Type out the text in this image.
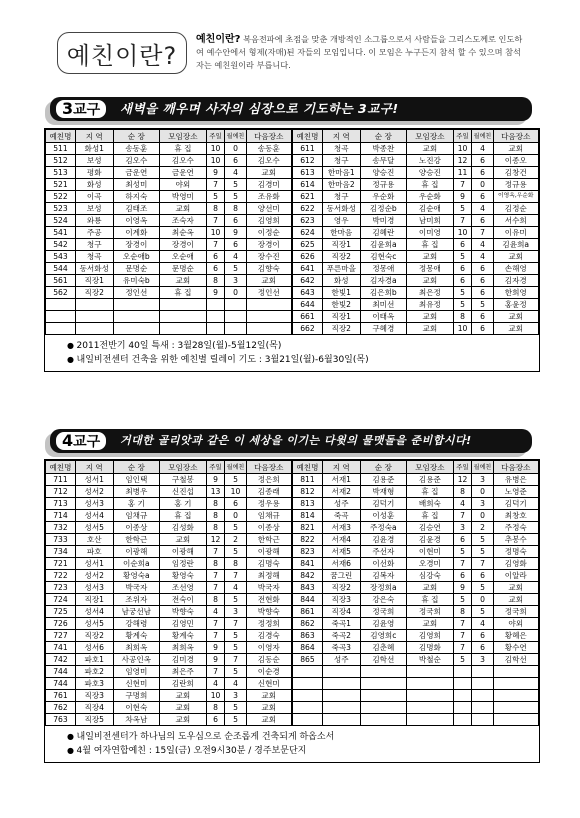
예친이란?
예친이란? 복음전파에 초점을 맞춘 개방적인 소그룹으로서 사람들을 그리스도께로 인도하여 예수안에서 형제(자매)된 자들의 모임입니다. 이 모임은 누구든지 참석 할 수 있으며 참석자는 예친원이라 부릅니다.
3교구	새벽을 깨우며 사자의 심장으로 기도하는 3교구!
예친명	지 역	순 장	모임장소	주일	월예친	다음장소
511	화성1	송동훈	휴 집	10	0	송동훈
512	보성	김오수	김오수	10	6	김오수
513	평화	금운연	금운연	9	4	교회
521	화성	최성미	야외	7	5	김경미
522	이곡	하지숙	박영미	5	5	조유화
523	보성	김태조	교회	8	8	양선미
524	와룡	이영옥	조숙자	7	6	김영희
541	주공	이계화	최순옥	10	9	이정순
542	청구	장경이	장경이	7	6	장경이
543	청곡	오순애b	오순애	6	4	장수진
544	동서화성	문명순	문명순	6	5	김향숙
561	직장1	유미숙b	교회	8	3	교회
562	직장2	정인선	휴 집	9	0	정인선

예친명	지 역	순 장	모임장소	주일	월예친	다음장소
611	청곡	박종찬	교회	10	4	교회
612	청구	송무달	노진강	12	6	이종오
613	한마음1	양승진	양승진	11	6	김창건
614	한마음2	정규용	휴 집	7	0	정규용
621	청구	우순화	우순화	9	6	이영옥,우순화
622	동서화성	김정순b	김순애	5	4	김정순
623	영우	박미경	남미희	7	6	서수희
624	한마음	김혜란	이미영	10	7	이유미
625	직장1	김윤희a	휴 집	6	4	김윤희a
626	직장2	김현숙c	교회	5	4	교회
641	푸른마을	정몽애	정몽애	6	6	손해영
642	화성	김자경a	교회	6	6	김자경
643	한빛1	김은희b	최은정	5	6	한희영
644	한빛2	최미선	최유정	5	5	홍윤정
661	직장1	이태옥	교회	8	6	교회
662	직장2	구혜경	교회	10	6	교회
● 2011전반기 40일 특새 : 3월28일(월)-5월12일(목)
● 내일비전센터 건축을 위한 예친별 릴레이 기도 : 3월21일(월)-6월30일(목)
4교구	거대한 골리앗과 같은 이 세상을 이기는 다윗의 물맷돌을 준비합시다!
예친명	지 역	순 장	모임장소	주일	월예친	다음장소
711	성서1	임인택	구철봉	9	5	정은희
712	성서2	최병우	신진섭	13	10	김종래
713	성서3	홍 기	홍 기	8	6	정우용
714	성서4	임채규	휴 집	8	0	임채규
732	성서5	이종상	김성화	8	5	이종상
733	호산	한학근	교회	12	2	한학근
734	파호	이광해	이광해	7	5	이광해
721	성서1	이순희a	임정란	8	8	김명숙
722	성서2	황영숙a	황영숙	7	7	최정해
723	성서3	박국자	조선영	7	4	박국자
724	직장1	조위자	전숙이	8	5	전현화
725	성서4	남궁선남	박향숙	4	3	박향숙
726	성서5	강해령	김영민	7	7	정정희
727	직장2	황계숙	황계숙	7	5	김경숙
741	성서6	최희옥	최희옥	9	5	이영자
742	파호1	사공인옥	김미경	9	7	김동순
744	파호2	임영미	최은주	7	5	이순경
744	파호3	신현미	김란희	4	4	신현미
761	직장3	구명희	교회	10	3	교회
762	직장4	이현숙	교회	8	5	교회
763	직장5	차옥남	교회	6	5	교회
예친명	지 역	순 장	모임장소	주일	월예친	다음장소
811	서재1	김용준	김용준	12	3	유병은
812	서재2	박재형	휴 집	8	0	노영준
813	성주	김덕기	배희숙	4	3	김덕기
814	죽곡	이성훈	휴 집	7	0	최창호
821	서재3	주정숙a	김승연	3	2	주정숙
822	서재4	김윤경	김윤경	6	5	추봉수
823	서재5	주선자	이현미	5	5	정명숙
841	서재6	이선화	오경미	7	7	김영화
842	꿈그린	김복자	심강숙	6	6	이알라
843	직장2	장정희a	교회	9	5	교회
844	직장3	강은숙	휴 집	5	0	교회
861	직장4	정국희	정국희	8	5	정국희
862	죽곡1	김윤영	교회	7	4	야외
863	죽곡2	김영희c	김영희	7	6	황혜은
864	죽곡3	김춘혜	김명화	7	6	황수연
865	성주	김학선	박철순	5	3	김학선

● 내일비전센터가 하나님의 도우심으로 순조롭게 건축되게 하옵소서
● 4월 여자연합예친 : 15일(금) 오전9시30분 / 경주보문단지
